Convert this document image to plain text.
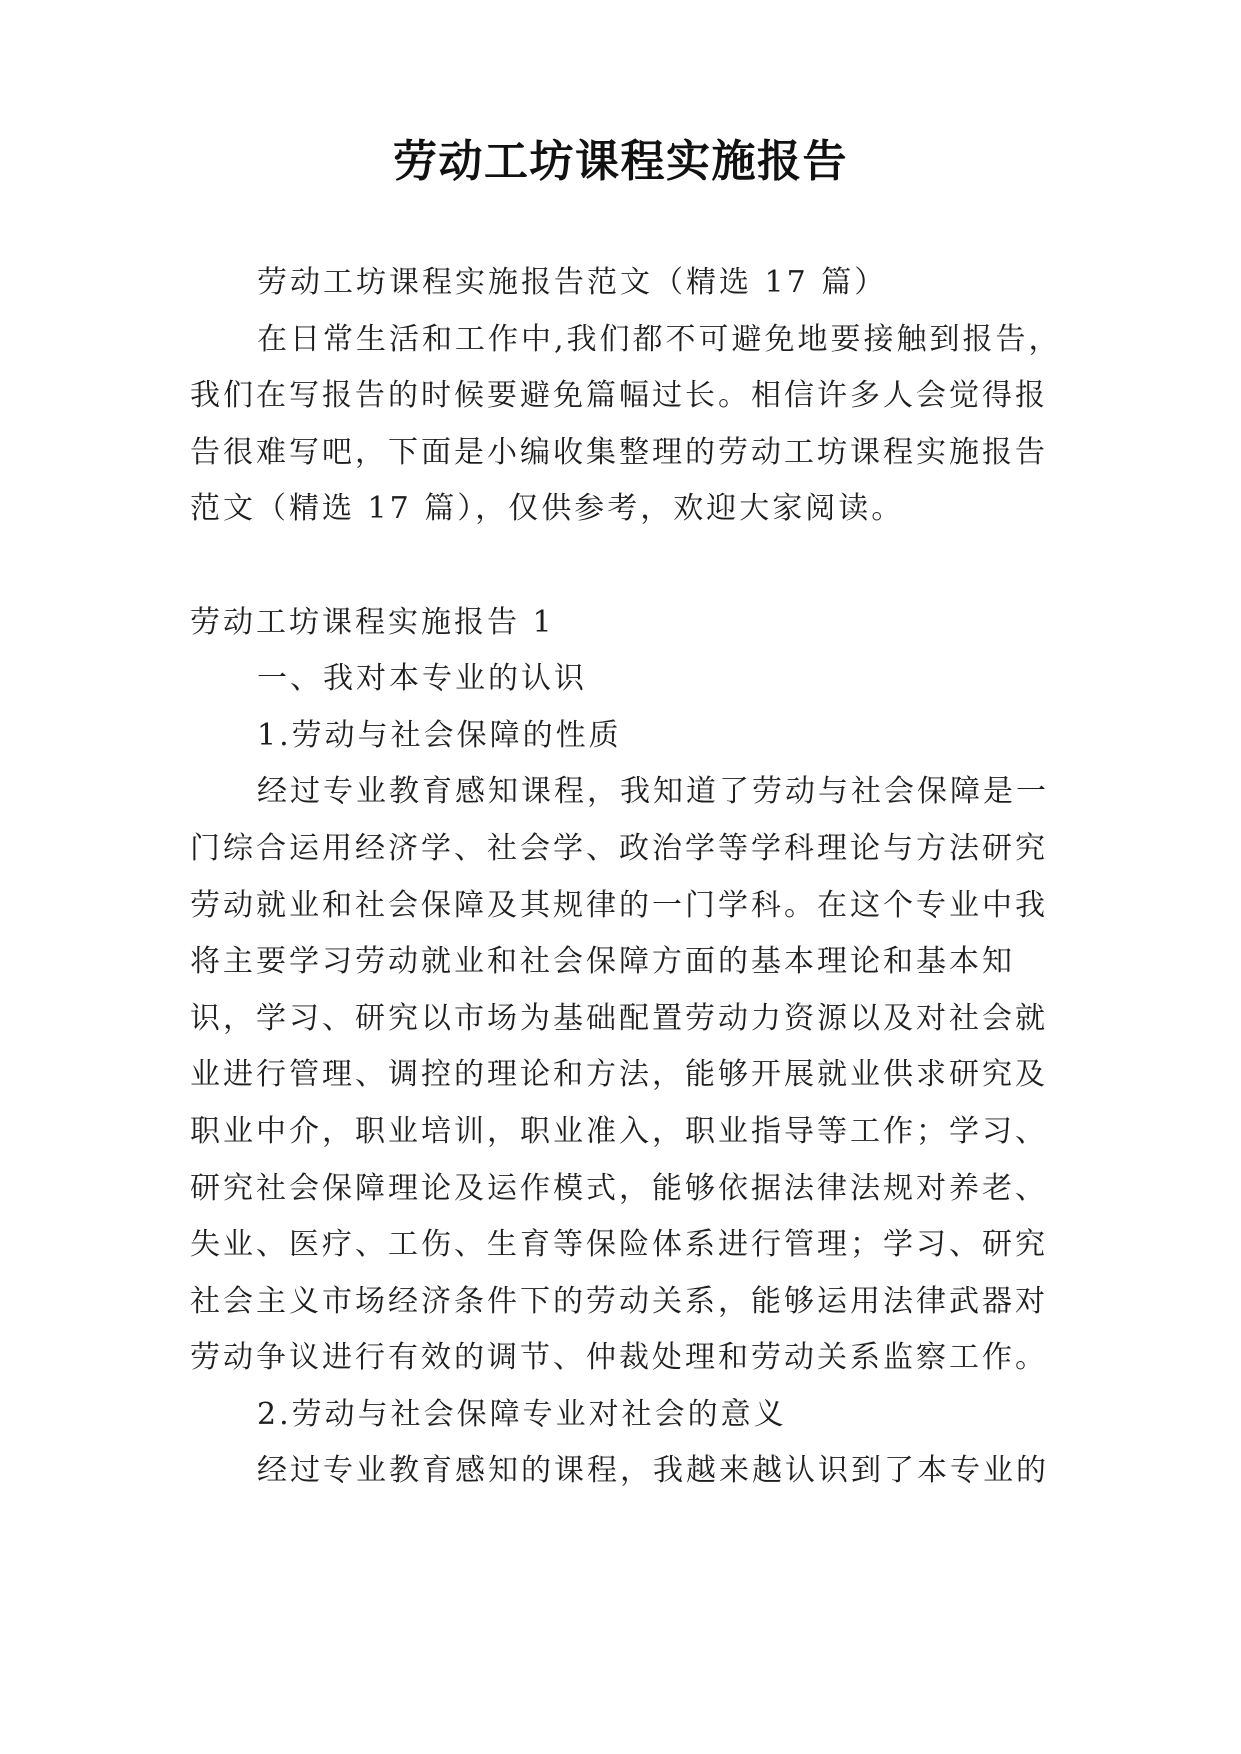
劳动工坊课程实施报告
劳动工坊课程实施报告范文（精选 17 篇）
在日常生活和工作中,我们都不可避免地要接触到报告，
我们在写报告的时候要避免篇幅过长。相信许多人会觉得报
告很难写吧，下面是小编收集整理的劳动工坊课程实施报告
范文（精选 17 篇），仅供参考，欢迎大家阅读。
劳动工坊课程实施报告 1
一、我对本专业的认识
1.劳动与社会保障的性质
经过专业教育感知课程，我知道了劳动与社会保障是一
门综合运用经济学、社会学、政治学等学科理论与方法研究
劳动就业和社会保障及其规律的一门学科。在这个专业中我
将主要学习劳动就业和社会保障方面的基本理论和基本知
识，学习、研究以市场为基础配置劳动力资源以及对社会就
业进行管理、调控的理论和方法，能够开展就业供求研究及
职业中介，职业培训，职业准入，职业指导等工作；学习、
研究社会保障理论及运作模式，能够依据法律法规对养老、
失业、医疗、工伤、生育等保险体系进行管理；学习、研究
社会主义市场经济条件下的劳动关系，能够运用法律武器对
劳动争议进行有效的调节、仲裁处理和劳动关系监察工作。
2.劳动与社会保障专业对社会的意义
经过专业教育感知的课程，我越来越认识到了本专业的
